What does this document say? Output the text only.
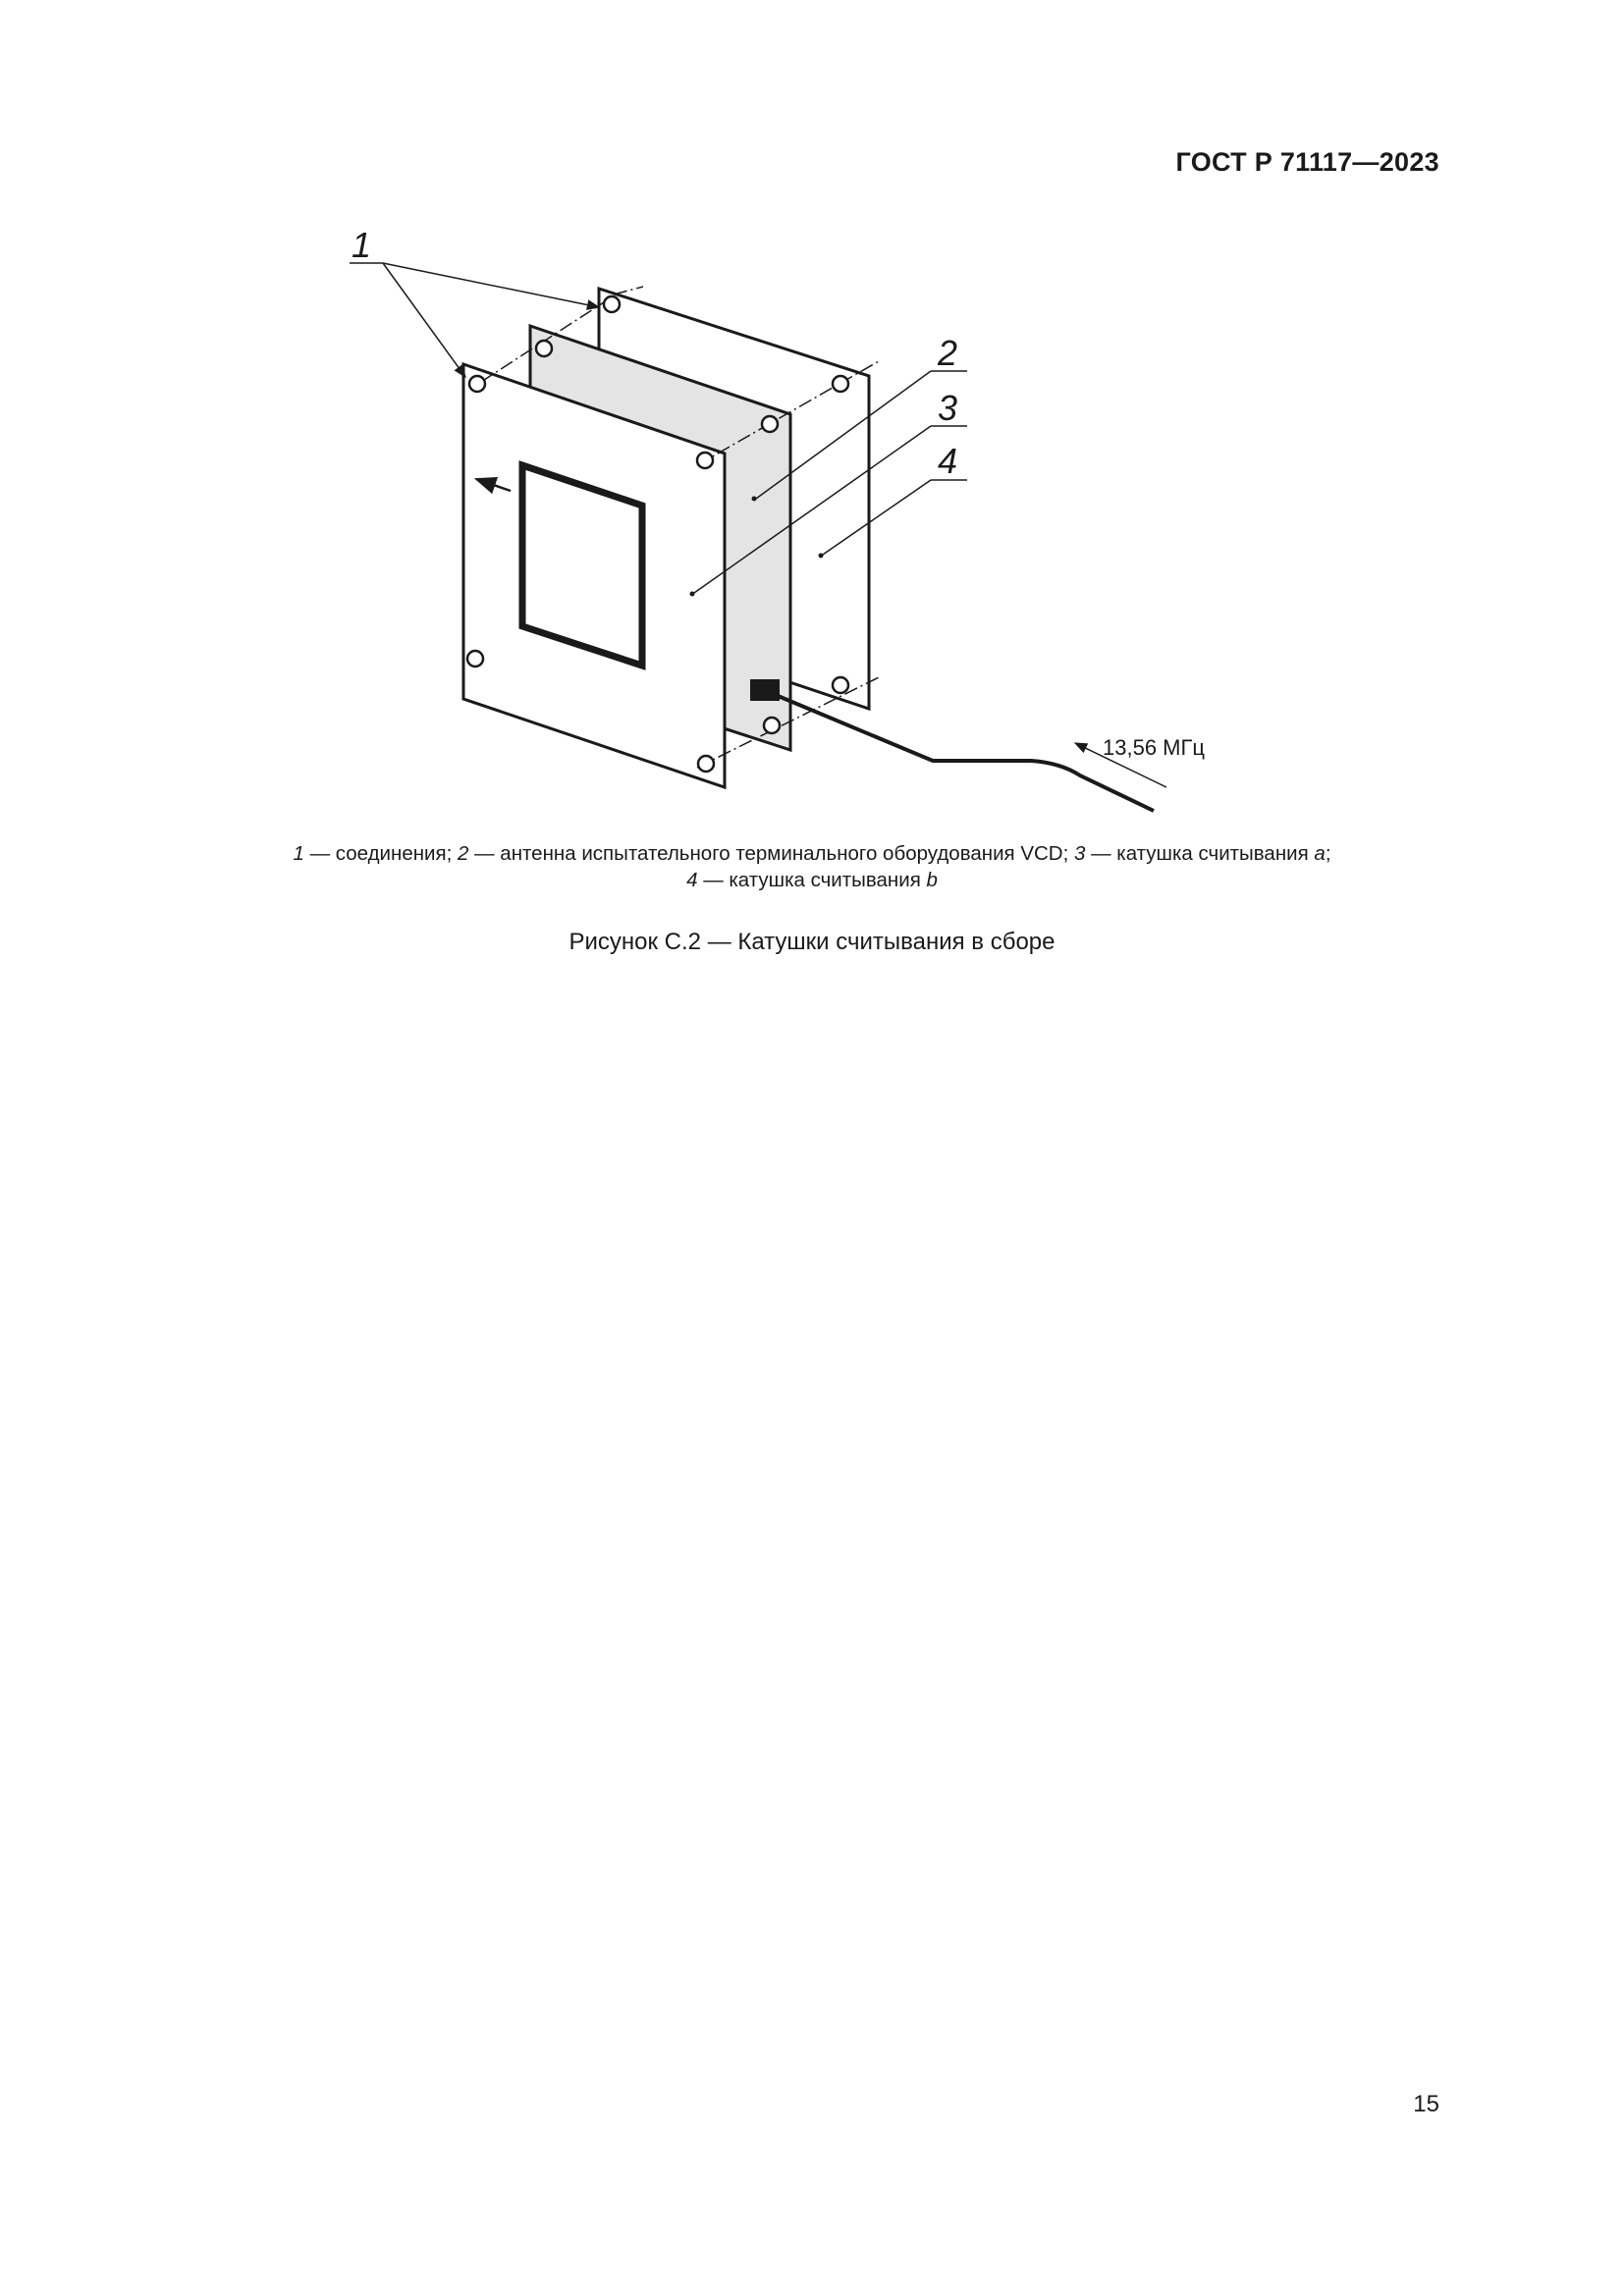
ГОСТ Р 71117—2023
1
2
3
4
13,56 МГц
1 — соединения; 2 — антенна испытательного терминального оборудования VCD; 3 — катушка считывания a;
4 — катушка считывания b
Рисунок С.2 — Катушки считывания в сборе
15
